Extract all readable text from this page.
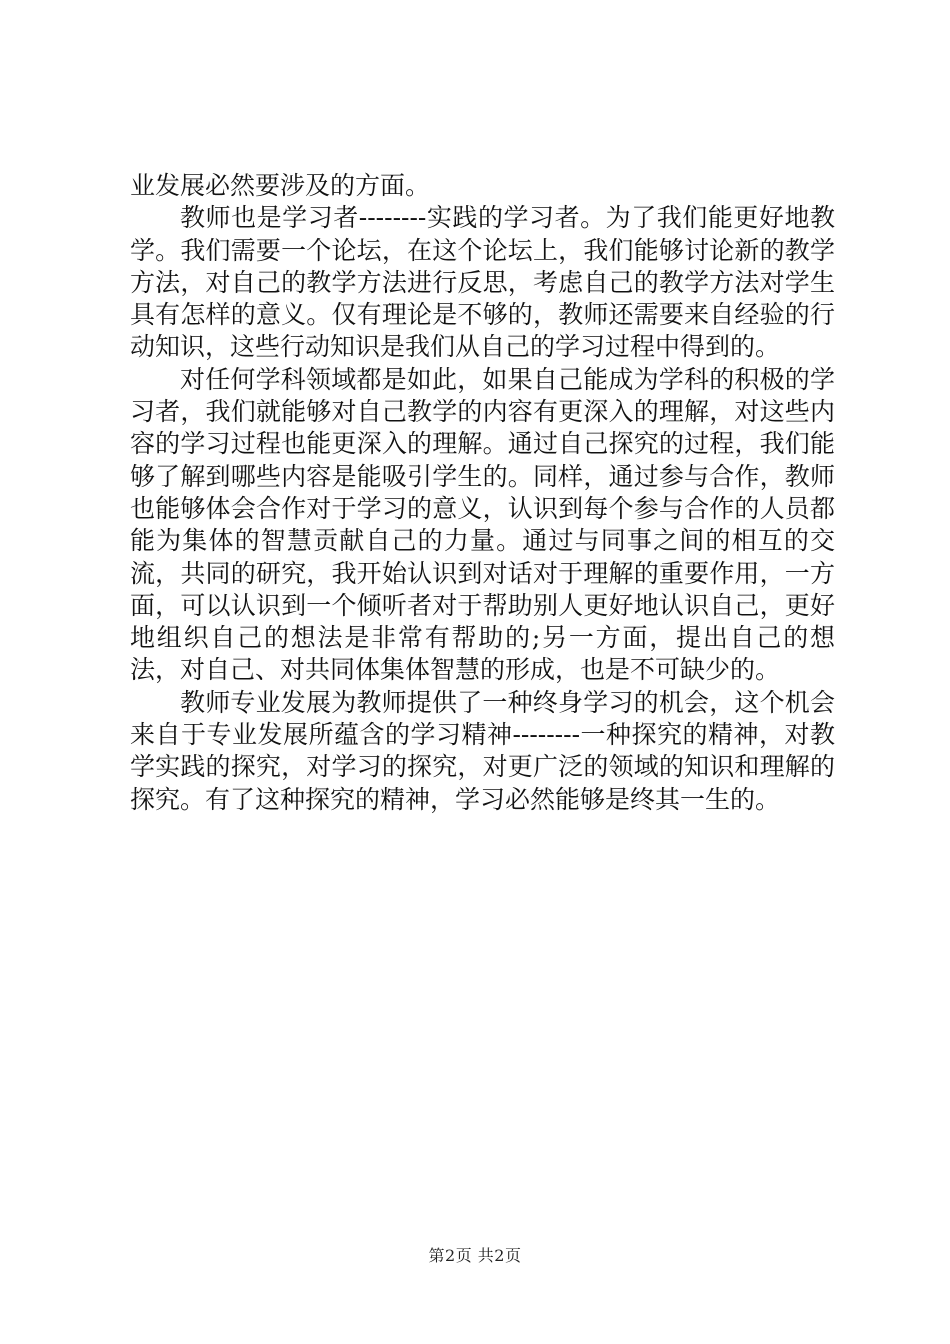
业发展必然要涉及的方面。

教师也是学习者--------实践的学习者。为了我们能更好地教学。我们需要一个论坛，在这个论坛上，我们能够讨论新的教学方法，对自己的教学方法进行反思，考虑自己的教学方法对学生具有怎样的意义。仅有理论是不够的，教师还需要来自经验的行动知识，这些行动知识是我们从自己的学习过程中得到的。

对任何学科领域都是如此，如果自己能成为学科的积极的学习者，我们就能够对自己教学的内容有更深入的理解，对这些内容的学习过程也能更深入的理解。通过自己探究的过程，我们能够了解到哪些内容是能吸引学生的。同样，通过参与合作，教师也能够体会合作对于学习的意义，认识到每个参与合作的人员都能为集体的智慧贡献自己的力量。通过与同事之间的相互的交流，共同的研究，我开始认识到对话对于理解的重要作用，一方面，可以认识到一个倾听者对于帮助别人更好地认识自己，更好地组织自己的想法是非常有帮助的;另一方面，提出自己的想法，对自己、对共同体集体智慧的形成，也是不可缺少的。

教师专业发展为教师提供了一种终身学习的机会，这个机会来自于专业发展所蕴含的学习精神--------一种探究的精神，对教学实践的探究，对学习的探究，对更广泛的领域的知识和理解的探究。有了这种探究的精神，学习必然能够是终其一生的。

第2页 共2页
